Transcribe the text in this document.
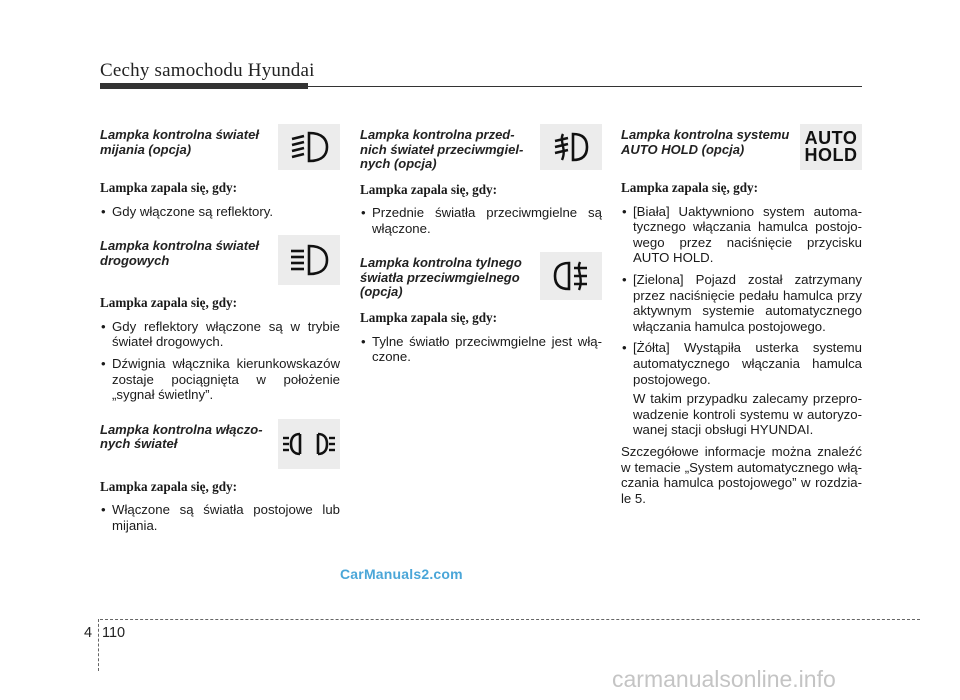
Cechy samochodu Hyundai
Lampka kontrolna świateł mijania (opcja)
Lampka zapala się, gdy:
• Gdy włączone są reflektory.
Lampka kontrolna świateł drogowych
Lampka zapala się, gdy:
• Gdy reflektory włączone są w trybie świateł drogowych.
• Dźwignia włącznika kierunkowskazów zostaje pociągnięta w położenie „sygnał świetlny”.
Lampka kontrolna włączo-nych świateł
Lampka zapala się, gdy:
• Włączone są światła postojowe lub mijania.
Lampka kontrolna przed-nich świateł przeciwmgiel-nych (opcja)
Lampka zapala się, gdy:
• Przednie światła przeciwmgielne są włączone.
Lampka kontrolna tylnego światła przeciwmgielnego (opcja)
Lampka zapala się, gdy:
• Tylne światło przeciwmgielne jest włą-czone.
Lampka kontrolna systemu AUTO HOLD (opcja)
AUTO
HOLD
Lampka zapala się, gdy:
• [Biała] Uaktywniono system automa-tycznego włączania hamulca postojo-wego przez naciśnięcie przycisku AUTO HOLD.
• [Zielona] Pojazd został zatrzymany przez naciśnięcie pedału hamulca przy aktywnym systemie automatycznego włączania hamulca postojowego.
• [Żółta] Wystąpiła usterka systemu automatycznego włączania hamulca postojowego.

W takim przypadku zalecamy przepro-wadzenie kontroli systemu w autoryzo-wanej stacji obsługi HYUNDAI.

Szczegółowe informacje można znaleźć w temacie „System automatycznego włą-czania hamulca postojowego” w rozdzia-le 5.

CarManuals2.com
4 110
carmanualsonline.info
